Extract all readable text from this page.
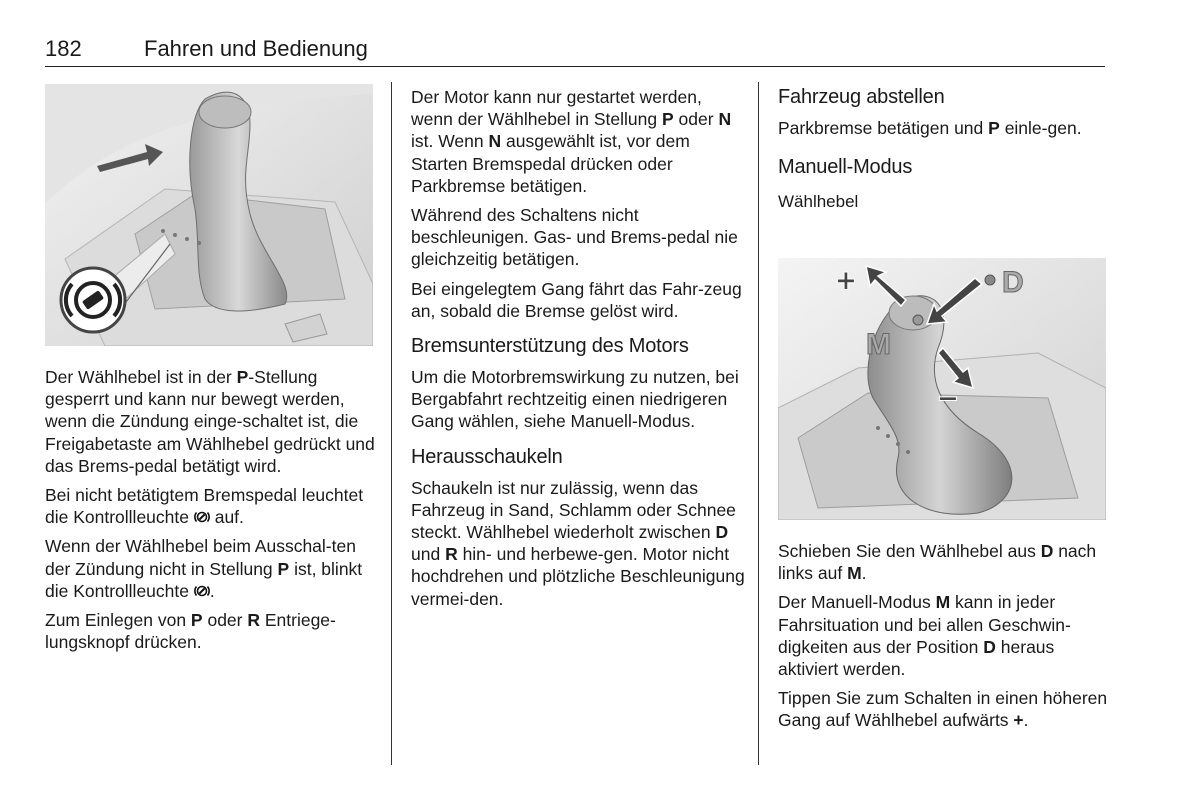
182	Fahren und Bedienung

Der Wählhebel ist in der P-Stellung gesperrt und kann nur bewegt werden, wenn die Zündung einge-schaltet ist, die Freigabetaste am Wählhebel gedrückt und das Brems-pedal betätigt wird.

Bei nicht betätigtem Bremspedal leuchtet die Kontrollleuchte  auf.

Wenn der Wählhebel beim Ausschal-ten der Zündung nicht in Stellung P ist, blinkt die Kontrollleuchte .

Zum Einlegen von P oder R Entriege-lungsknopf drücken.

Der Motor kann nur gestartet werden, wenn der Wählhebel in Stellung P oder N ist. Wenn N ausgewählt ist, vor dem Starten Bremspedal drücken oder Parkbremse betätigen.

Während des Schaltens nicht beschleunigen. Gas- und Brems-pedal nie gleichzeitig betätigen.

Bei eingelegtem Gang fährt das Fahr-zeug an, sobald die Bremse gelöst wird.

Bremsunterstützung des Motors

Um die Motorbremswirkung zu nutzen, bei Bergabfahrt rechtzeitig einen niedrigeren Gang wählen, siehe Manuell-Modus.

Herausschaukeln

Schaukeln ist nur zulässig, wenn das Fahrzeug in Sand, Schlamm oder Schnee steckt. Wählhebel wiederholt zwischen D und R hin- und herbewe-gen. Motor nicht hochdrehen und plötzliche Beschleunigung vermei-den.

Fahrzeug abstellen

Parkbremse betätigen und P einle-gen.

Manuell-Modus
Wählhebel
+
−
D
M

Schieben Sie den Wählhebel aus D nach links auf M.

Der Manuell-Modus M kann in jeder Fahrsituation und bei allen Geschwin-digkeiten aus der Position D heraus aktiviert werden.

Tippen Sie zum Schalten in einen höheren Gang auf Wählhebel aufwärts +.
